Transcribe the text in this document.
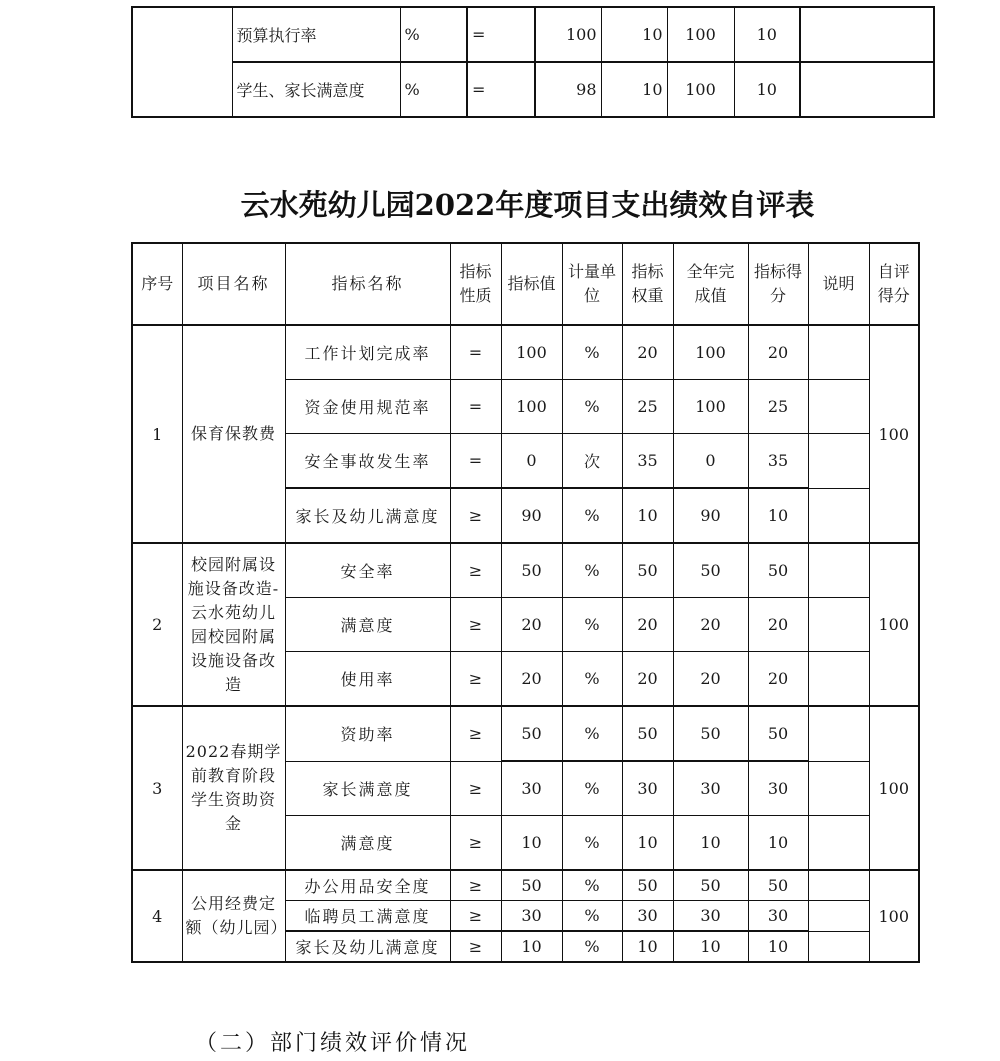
	预算执行率	%	=	100	10	100	10	
	学生、家长满意度	%	=	98	10	100	10	
云水苑幼儿园2022年度项目支出绩效自评表
序号	项目名称	指标名称	指标性质	指标值	计量单位	指标权重	全年完成值	指标得分	说明	自评得分
1	保育保教费	工作计划完成率	=	100	%	20	100	20		100
		资金使用规范率	=	100	%	25	100	25		
		安全事故发生率	=	0	次	35	0	35		
		家长及幼儿满意度	≥	90	%	10	90	10		
2	校园附属设施设备改造-云水苑幼儿园校园附属设施设备改造	安全率	≥	50	%	50	50	50		100
		满意度	≥	20	%	20	20	20		
		使用率	≥	20	%	20	20	20		
3	2022春期学前教育阶段学生资助资金	资助率	≥	50	%	50	50	50		100
		家长满意度	≥	30	%	30	30	30		
		满意度	≥	10	%	10	10	10		
4	公用经费定额（幼儿园）	办公用品安全度	≥	50	%	50	50	50		100
		临聘员工满意度	≥	30	%	30	30	30		
		家长及幼儿满意度	≥	10	%	10	10	10		
（二）部门绩效评价情况
